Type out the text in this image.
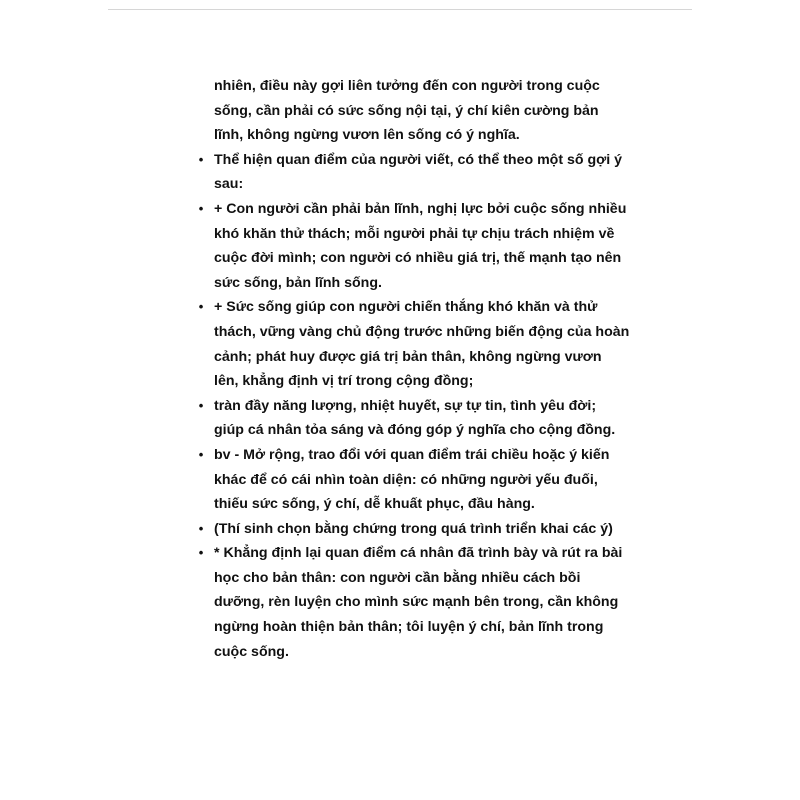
nhiên, điều này gợi liên tưởng đến con người trong cuộc
sống, cần phải có sức sống nội tại, ý chí kiên cường bản
lĩnh, không ngừng vươn lên sống có ý nghĩa.
• Thể hiện quan điểm của người viết, có thể theo một số gợi ý
sau:
• + Con người cần phải bản lĩnh, nghị lực bởi cuộc sống nhiều
khó khăn thử thách; mỗi người phải tự chịu trách nhiệm về
cuộc đời mình; con người có nhiều giá trị, thế mạnh tạo nên
sức sống, bản lĩnh sống.
• + Sức sống giúp con người chiến thắng khó khăn và thử
thách, vững vàng chủ động trước những biến động của hoàn
cảnh; phát huy được giá trị bản thân, không ngừng vươn
lên, khẳng định vị trí trong cộng đồng;
• tràn đầy năng lượng, nhiệt huyết, sự tự tin, tình yêu đời;
giúp cá nhân tỏa sáng và đóng góp ý nghĩa cho cộng đồng.
• bv - Mở rộng, trao đổi với quan điểm trái chiều hoặc ý kiến
khác để có cái nhìn toàn diện: có những người yếu đuối,
thiếu sức sống, ý chí, dễ khuất phục, đầu hàng.
• (Thí sinh chọn bằng chứng trong quá trình triển khai các ý)
• * Khẳng định lại quan điểm cá nhân đã trình bày và rút ra bài
học cho bản thân: con người cần bằng nhiều cách bồi
dưỡng, rèn luyện cho mình sức mạnh bên trong, cần không
ngừng hoàn thiện bản thân; tôi luyện ý chí, bản lĩnh trong
cuộc sống.
